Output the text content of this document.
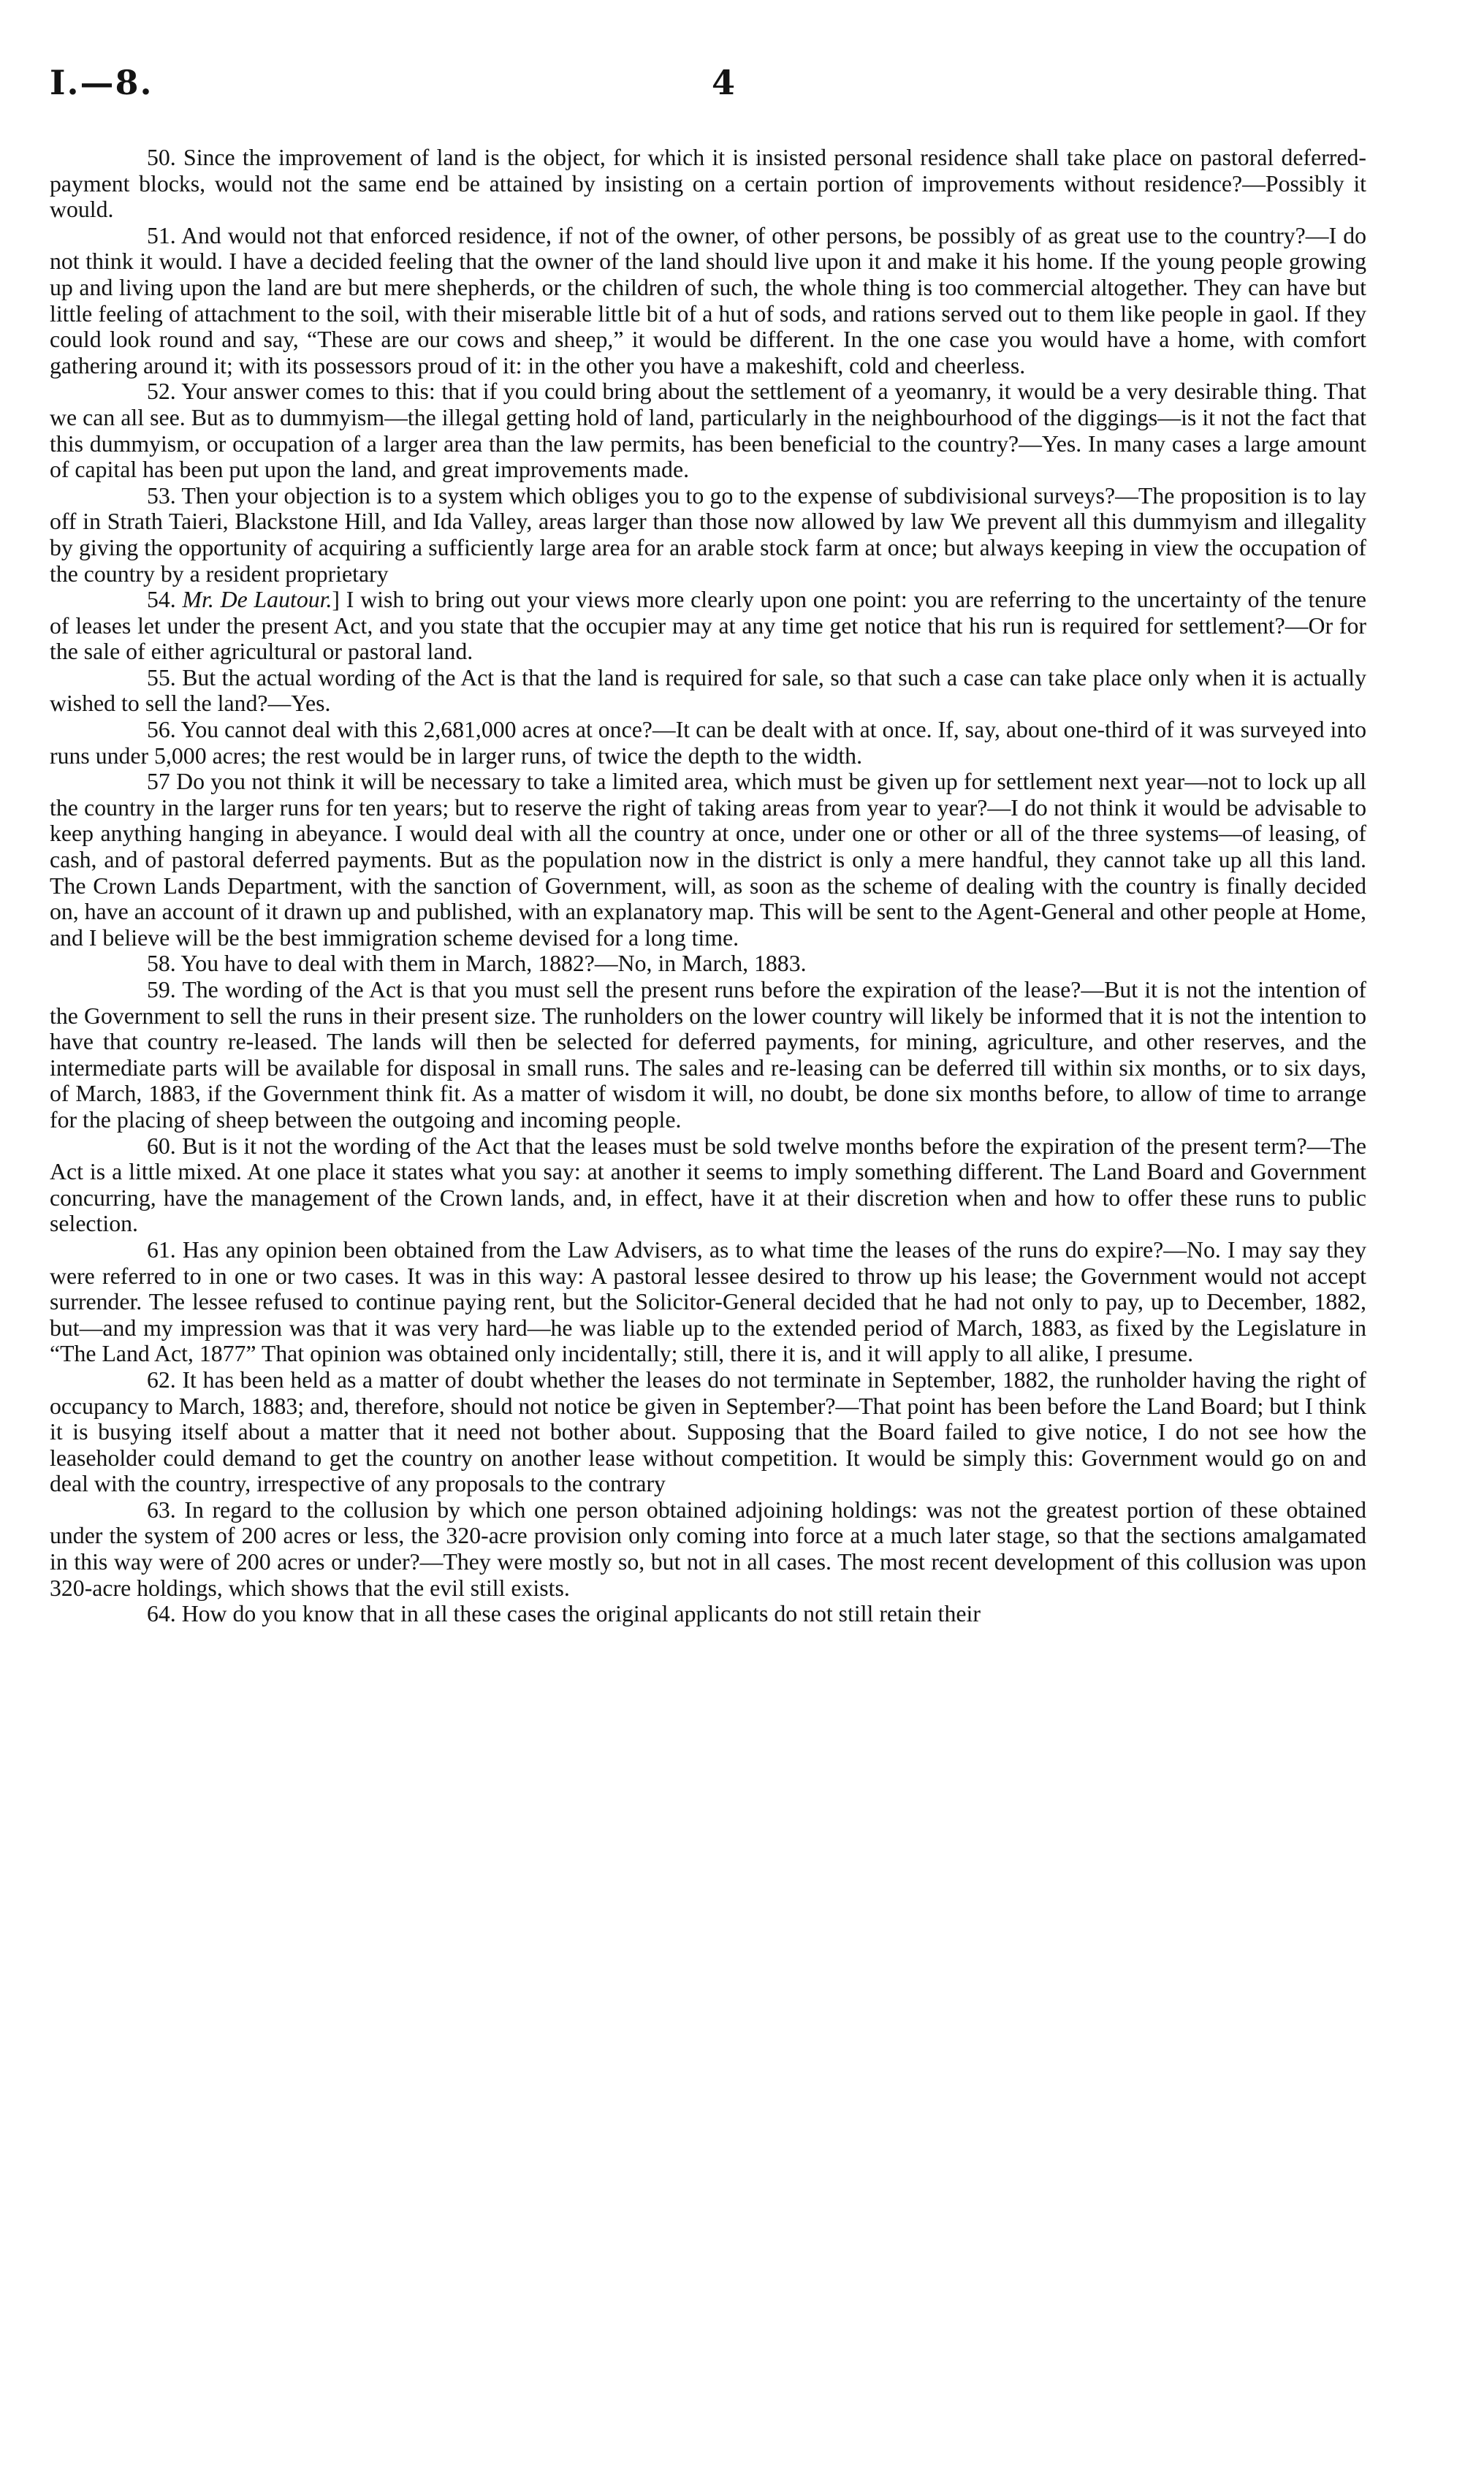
I.—8.	4

50. Since the improvement of land is the object, for which it is insisted personal residence shall take place on pastoral deferred-payment blocks, would not the same end be attained by insisting on a certain portion of improvements without residence?—Possibly it would.

51. And would not that enforced residence, if not of the owner, of other persons, be possibly of as great use to the country?—I do not think it would. I have a decided feeling that the owner of the land should live upon it and make it his home. If the young people growing up and living upon the land are but mere shepherds, or the children of such, the whole thing is too commercial altogether. They can have but little feeling of attachment to the soil, with their miserable little bit of a hut of sods, and rations served out to them like people in gaol. If they could look round and say, “These are our cows and sheep,” it would be different. In the one case you would have a home, with comfort gathering around it; with its possessors proud of it: in the other you have a makeshift, cold and cheerless.

52. Your answer comes to this: that if you could bring about the settlement of a yeomanry, it would be a very desirable thing. That we can all see. But as to dummyism—the illegal getting hold of land, particularly in the neighbourhood of the diggings—is it not the fact that this dummyism, or occupation of a larger area than the law permits, has been beneficial to the country?—Yes. In many cases a large amount of capital has been put upon the land, and great improvements made.

53. Then your objection is to a system which obliges you to go to the expense of subdivisional surveys?—The proposition is to lay off in Strath Taieri, Blackstone Hill, and Ida Valley, areas larger than those now allowed by law We prevent all this dummyism and illegality by giving the opportunity of acquiring a sufficiently large area for an arable stock farm at once; but always keeping in view the occupation of the country by a resident proprietary

54. Mr. De Lautour.] I wish to bring out your views more clearly upon one point: you are referring to the uncertainty of the tenure of leases let under the present Act, and you state that the occupier may at any time get notice that his run is required for settlement?—Or for the sale of either agricultural or pastoral land.

55. But the actual wording of the Act is that the land is required for sale, so that such a case can take place only when it is actually wished to sell the land?—Yes.

56. You cannot deal with this 2,681,000 acres at once?—It can be dealt with at once. If, say, about one-third of it was surveyed into runs under 5,000 acres; the rest would be in larger runs, of twice the depth to the width.

57 Do you not think it will be necessary to take a limited area, which must be given up for settlement next year—not to lock up all the country in the larger runs for ten years; but to reserve the right of taking areas from year to year?—I do not think it would be advisable to keep anything hanging in abeyance. I would deal with all the country at once, under one or other or all of the three systems—of leasing, of cash, and of pastoral deferred payments. But as the population now in the district is only a mere handful, they cannot take up all this land. The Crown Lands Department, with the sanction of Government, will, as soon as the scheme of dealing with the country is finally decided on, have an account of it drawn up and published, with an explanatory map. This will be sent to the Agent-General and other people at Home, and I believe will be the best immigration scheme devised for a long time.

58. You have to deal with them in March, 1882?—No, in March, 1883.

59. The wording of the Act is that you must sell the present runs before the expiration of the lease?—But it is not the intention of the Government to sell the runs in their present size. The runholders on the lower country will likely be informed that it is not the intention to have that country re-leased. The lands will then be selected for deferred payments, for mining, agriculture, and other reserves, and the intermediate parts will be available for disposal in small runs. The sales and re-leasing can be deferred till within six months, or to six days, of March, 1883, if the Government think fit. As a matter of wisdom it will, no doubt, be done six months before, to allow of time to arrange for the placing of sheep between the outgoing and incoming people.

60. But is it not the wording of the Act that the leases must be sold twelve months before the expiration of the present term?—The Act is a little mixed. At one place it states what you say: at another it seems to imply something different. The Land Board and Government concurring, have the management of the Crown lands, and, in effect, have it at their discretion when and how to offer these runs to public selection.

61. Has any opinion been obtained from the Law Advisers, as to what time the leases of the runs do expire?—No. I may say they were referred to in one or two cases. It was in this way: A pastoral lessee desired to throw up his lease; the Government would not accept surrender. The lessee refused to continue paying rent, but the Solicitor-General decided that he had not only to pay, up to December, 1882, but—and my impression was that it was very hard—he was liable up to the extended period of March, 1883, as fixed by the Legislature in “The Land Act, 1877” That opinion was obtained only incidentally; still, there it is, and it will apply to all alike, I presume.

62. It has been held as a matter of doubt whether the leases do not terminate in September, 1882, the runholder having the right of occupancy to March, 1883; and, therefore, should not notice be given in September?—That point has been before the Land Board; but I think it is busying itself about a matter that it need not bother about. Supposing that the Board failed to give notice, I do not see how the leaseholder could demand to get the country on another lease without competition. It would be simply this: Government would go on and deal with the country, irrespective of any proposals to the contrary

63. In regard to the collusion by which one person obtained adjoining holdings: was not the greatest portion of these obtained under the system of 200 acres or less, the 320-acre provision only coming into force at a much later stage, so that the sections amalgamated in this way were of 200 acres or under?—They were mostly so, but not in all cases. The most recent development of this collusion was upon 320-acre holdings, which shows that the evil still exists.

64. How do you know that in all these cases the original applicants do not still retain their
